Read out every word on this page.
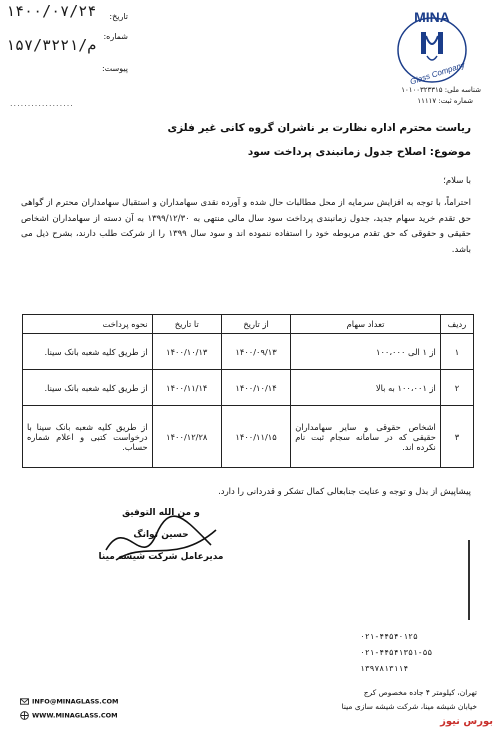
تاریخ:
شماره:
پیوست:
۱۴۰۰/۰۷/۲۴
۱۵۷/م/۳۲۲۱
..................
MINA
Glass Company
شناسه ملی: ۱۰۱۰۰۳۲۳۳۱۵
شماره ثبت: ۱۱۱۱۷
ریاست محترم اداره نظارت بر ناشران گروه کانی غیر فلزی
موضوع: اصلاح جدول زمانبندی پرداخت سود
با سلام؛
احتراماً، با توجه به افزایش سرمایه از محل مطالبات حال شده و آورده نقدی سهامداران و استقبال سهامداران محترم از گواهی حق تقدم خرید سهام جدید، جدول زمانبندی پرداخت سود سال مالی منتهی به ۱۳۹۹/۱۲/۳۰ به آن دسته از سهامداران اشخاص حقیقی و حقوقی که حق تقدم مربوطه خود را استفاده ننموده اند و سود سال ۱۳۹۹ را از شرکت طلب دارند، بشرح ذیل می باشد.
ردیف	تعداد سهام	از تاریخ	تا تاریخ	نحوه پرداخت
۱	از ۱ الی ۱۰۰،۰۰۰	۱۴۰۰/۰۹/۱۳	۱۴۰۰/۱۰/۱۳	از طریق کلیه شعبه بانک سینا.
۲	از ۱۰۰،۰۰۱ به بالا	۱۴۰۰/۱۰/۱۴	۱۴۰۰/۱۱/۱۴	از طریق کلیه شعبه بانک سینا.
۳	اشخاص حقوقی و سایر سهامداران حقیقی که در سامانه سجام ثبت نام نکرده اند.	۱۴۰۰/۱۱/۱۵	۱۴۰۰/۱۲/۲۸	از طریق کلیه شعبه بانک سینا با درخواست کتبی و اعلام شماره حساب.
پیشاپیش از بذل و توجه و عنایت جنابعالی کمال تشکر و قدردانی را دارد.
و من الله التوفیق
حسین توانگ
مدیرعامل شرکت شیشه مینا
۰۲۱-۴۴۵۴۰۱۲۵
۰۲۱-۴۴۵۴۱۳۵۱-۵۵
۱۳۹۷۸۱۳۱۱۴
تهران، کیلومتر ۴ جاده مخصوص کرج
خیابان شیشه مینا، شرکت شیشه سازی مینا
INFO@MINAGLASS.COM
WWW.MINAGLASS.COM
بورس نیوز
